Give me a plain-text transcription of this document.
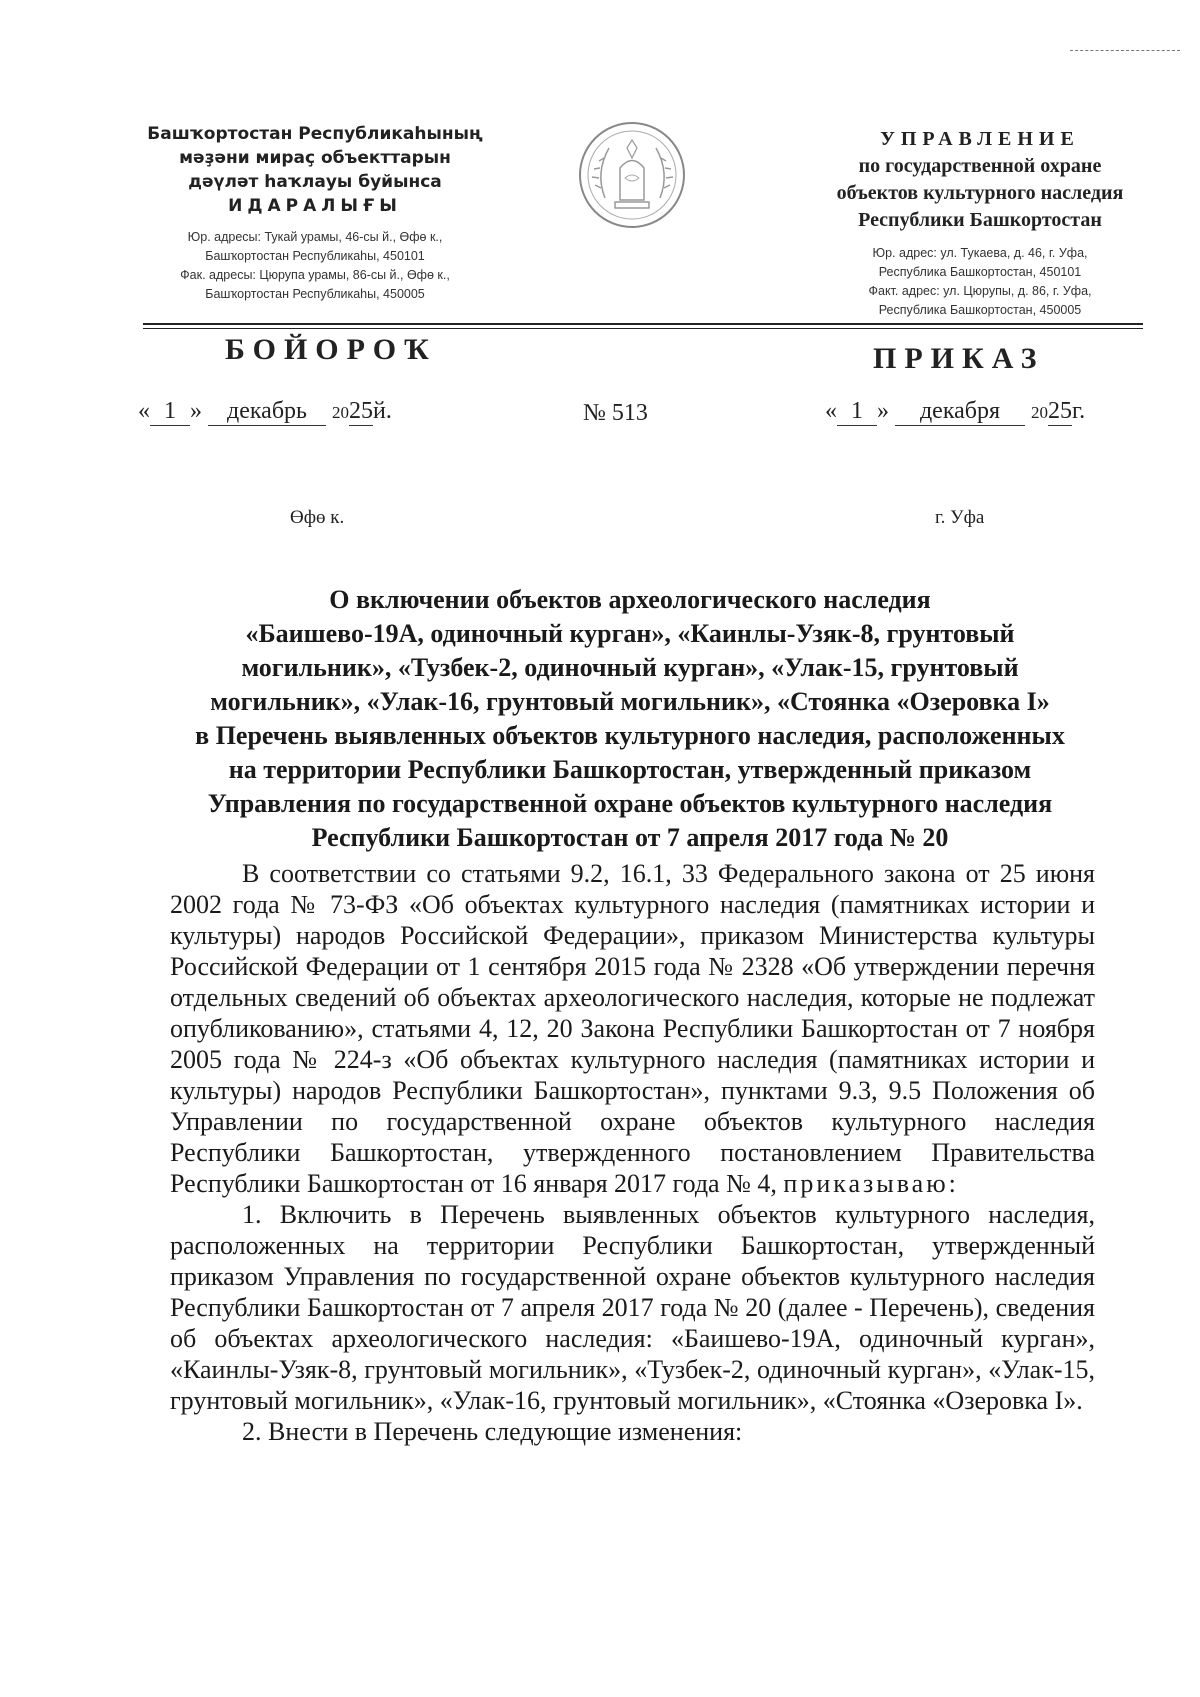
Башҡортостан Республикаһының
мәҙәни мираҫ объекттарын
дәүләт һаҡлауы буйынса
ИДАРАЛЫҒЫ
Юр. адресы: Тукай урамы, 46-сы й., Өфө к.,
Башҡортостан Республикаһы, 450101
Фак. адресы: Цюрупа урамы, 86-сы й., Өфө к.,
Башҡортостан Республикаһы, 450005
УПРАВЛЕНИЕ
по государственной охране
объектов культурного наследия
Республики Башкортостан
Юр. адрес: ул. Тукаева, д. 46, г. Уфа,
Республика Башкортостан, 450101
Факт. адрес: ул. Цюрупы, д. 86, г. Уфа,
Республика Башкортостан, 450005
БОЙОРОҠ	ПРИКАЗ
« 1 » декабрь 2025й.	№ 513	« 1 » декабря 2025г.
Өфө к.	г. Уфа
О включении объектов археологического наследия
«Баишево-19А, одиночный курган», «Каинлы-Узяк-8, грунтовый
могильник», «Тузбек-2, одиночный курган», «Улак-15, грунтовый
могильник», «Улак-16, грунтовый могильник», «Стоянка «Озеровка I»
в Перечень выявленных объектов культурного наследия, расположенных
на территории Республики Башкортостан, утвержденный приказом
Управления по государственной охране объектов культурного наследия
Республики Башкортостан от 7 апреля 2017 года № 20

В соответствии со статьями 9.2, 16.1, 33 Федерального закона от 25 июня 2002 года № 73-ФЗ «Об объектах культурного наследия (памятниках истории и культуры) народов Российской Федерации», приказом Министерства культуры Российской Федерации от 1 сентября 2015 года № 2328 «Об утверждении перечня отдельных сведений об объектах археологического наследия, которые не подлежат опубликованию», статьями 4, 12, 20 Закона Республики Башкортостан от 7 ноября 2005 года № 224-з «Об объектах культурного наследия (памятниках истории и культуры) народов Республики Башкортостан», пунктами 9.3, 9.5 Положения об Управлении по государственной охране объектов культурного наследия Республики Башкортостан, утвержденного постановлением Правительства Республики Башкортостан от 16 января 2017 года № 4, приказываю:

1. Включить в Перечень выявленных объектов культурного наследия, расположенных на территории Республики Башкортостан, утвержденный приказом Управления по государственной охране объектов культурного наследия Республики Башкортостан от 7 апреля 2017 года № 20 (далее - Перечень), сведения об объектах археологического наследия: «Баишево-19А, одиночный курган», «Каинлы-Узяк-8, грунтовый могильник», «Тузбек-2, одиночный курган», «Улак-15, грунтовый могильник», «Улак-16, грунтовый могильник», «Стоянка «Озеровка I».

2. Внести в Перечень следующие изменения:
